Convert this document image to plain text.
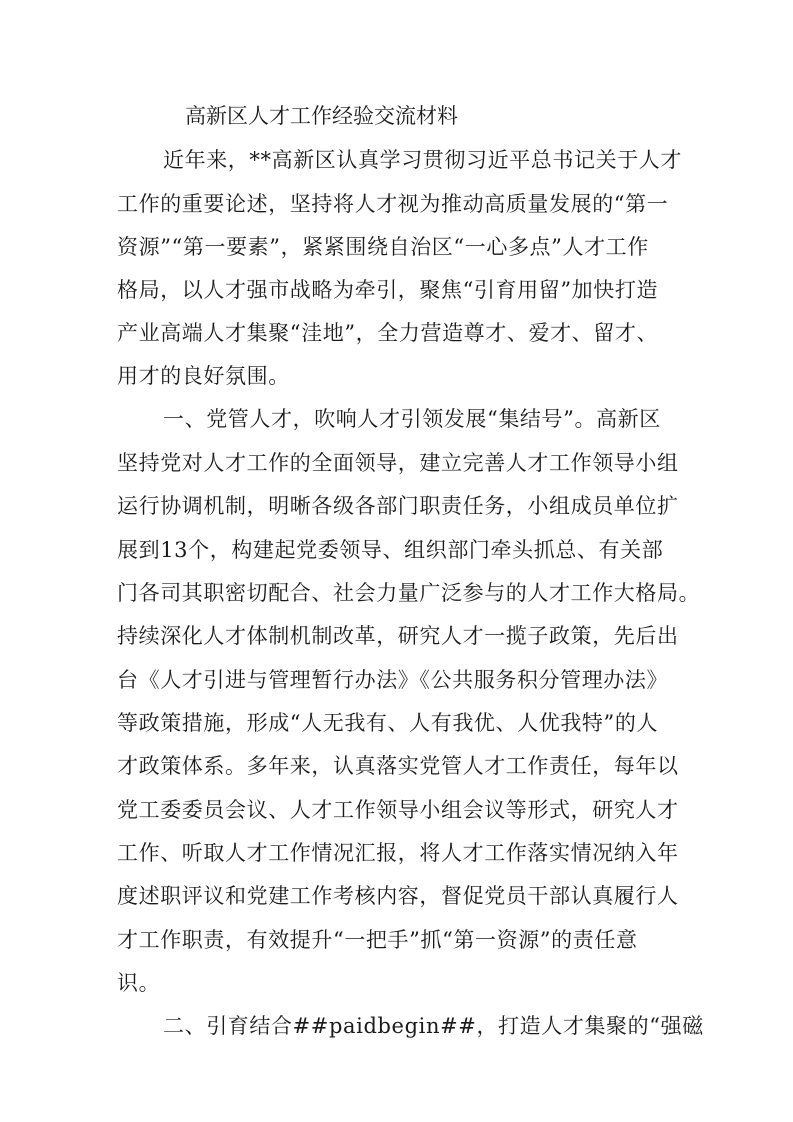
高新区人才工作经验交流材料
近年来，**高新区认真学习贯彻习近平总书记关于人才
工作的重要论述，坚持将人才视为推动高质量发展的“第一
资源”“第一要素”，紧紧围绕自治区“一心多点”人才工作
格局，以人才强市战略为牵引，聚焦“引育用留”加快打造
产业高端人才集聚“洼地”，全力营造尊才、爱才、留才、
用才的良好氛围。
一、党管人才，吹响人才引领发展“集结号”。高新区
坚持党对人才工作的全面领导，建立完善人才工作领导小组
运行协调机制，明晰各级各部门职责任务，小组成员单位扩
展到13个，构建起党委领导、组织部门牵头抓总、有关部
门各司其职密切配合、社会力量广泛参与的人才工作大格局。
持续深化人才体制机制改革，研究人才一揽子政策，先后出
台《人才引进与管理暂行办法》《公共服务积分管理办法》
等政策措施，形成“人无我有、人有我优、人优我特”的人
才政策体系。多年来，认真落实党管人才工作责任，每年以
党工委委员会议、人才工作领导小组会议等形式，研究人才
工作、听取人才工作情况汇报，将人才工作落实情况纳入年
度述职评议和党建工作考核内容，督促党员干部认真履行人
才工作职责，有效提升“一把手”抓“第一资源”的责任意
识。
二、引育结合##paidbegin##，打造人才集聚的“强磁
